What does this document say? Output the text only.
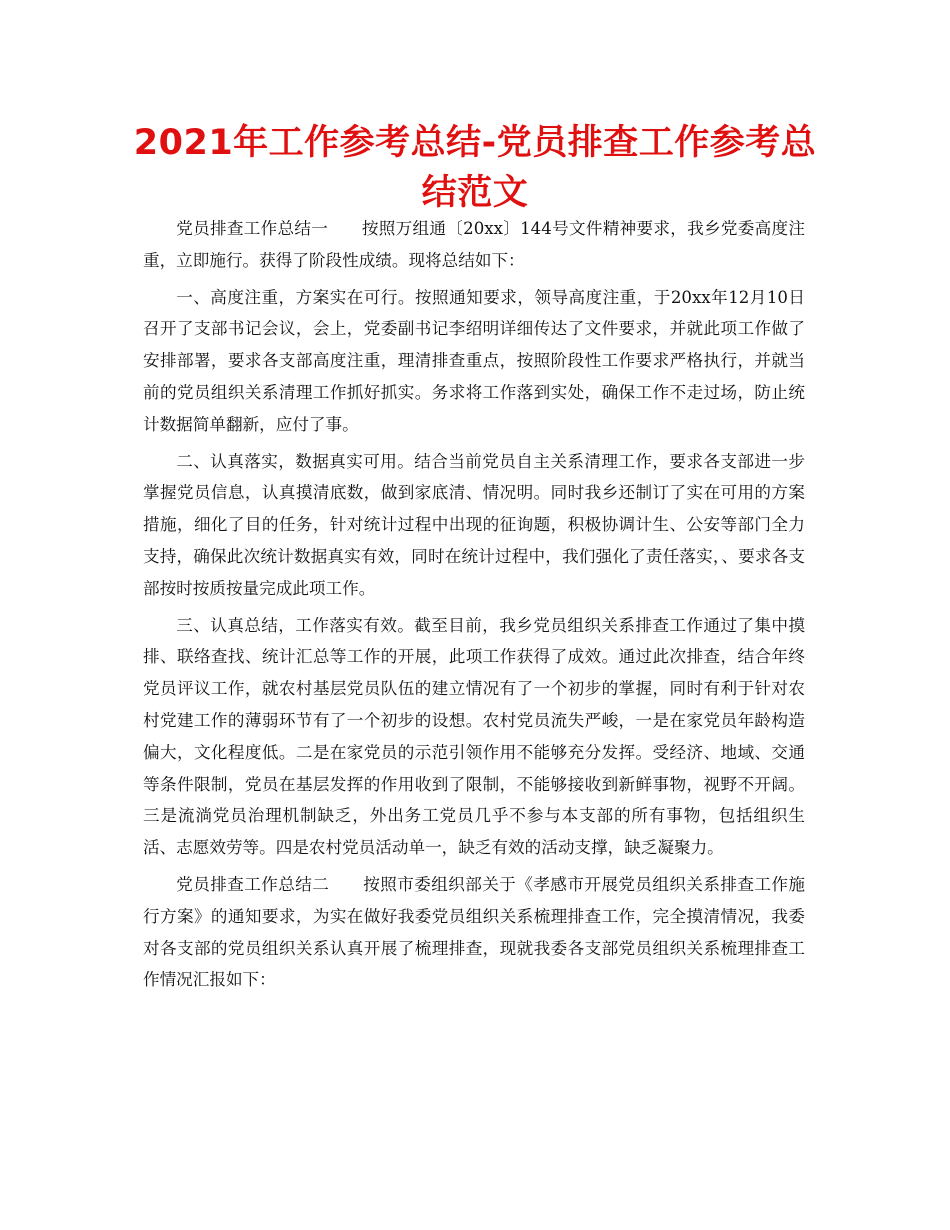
2021年工作参考总结-党员排查工作参考总结范文

党员排查工作总结一　　按照万组通〔20xx〕144号文件精神要求，我乡党委高度注重，立即施行。获得了阶段性成绩。现将总结如下：

一、高度注重，方案实在可行。按照通知要求，领导高度注重，于20xx年12月10日召开了支部书记会议，会上，党委副书记李绍明详细传达了文件要求，并就此项工作做了安排部署，要求各支部高度注重，理清排查重点，按照阶段性工作要求严格执行，并就当前的党员组织关系清理工作抓好抓实。务求将工作落到实处，确保工作不走过场，防止统计数据简单翻新，应付了事。

二、认真落实，数据真实可用。结合当前党员自主关系清理工作，要求各支部进一步掌握党员信息，认真摸清底数，做到家底清、情况明。同时我乡还制订了实在可用的方案措施，细化了目的任务，针对统计过程中出现的征询题，积极协调计生、公安等部门全力支持，确保此次统计数据真实有效，同时在统计过程中，我们强化了责任落实，、要求各支部按时按质按量完成此项工作。

三、认真总结，工作落实有效。截至目前，我乡党员组织关系排查工作通过了集中摸排、联络查找、统计汇总等工作的开展，此项工作获得了成效。通过此次排查，结合年终党员评议工作，就农村基层党员队伍的建立情况有了一个初步的掌握，同时有利于针对农村党建工作的薄弱环节有了一个初步的设想。农村党员流失严峻，一是在家党员年龄构造偏大，文化程度低。二是在家党员的示范引领作用不能够充分发挥。受经济、地域、交通等条件限制，党员在基层发挥的作用收到了限制，不能够接收到新鲜事物，视野不开阔。三是流淌党员治理机制缺乏，外出务工党员几乎不参与本支部的所有事物，包括组织生活、志愿效劳等。四是农村党员活动单一，缺乏有效的活动支撑，缺乏凝聚力。

党员排查工作总结二　　按照市委组织部关于《孝感市开展党员组织关系排查工作施行方案》的通知要求，为实在做好我委党员组织关系梳理排查工作，完全摸清情况，我委对各支部的党员组织关系认真开展了梳理排查，现就我委各支部党员组织关系梳理排查工作情况汇报如下：
